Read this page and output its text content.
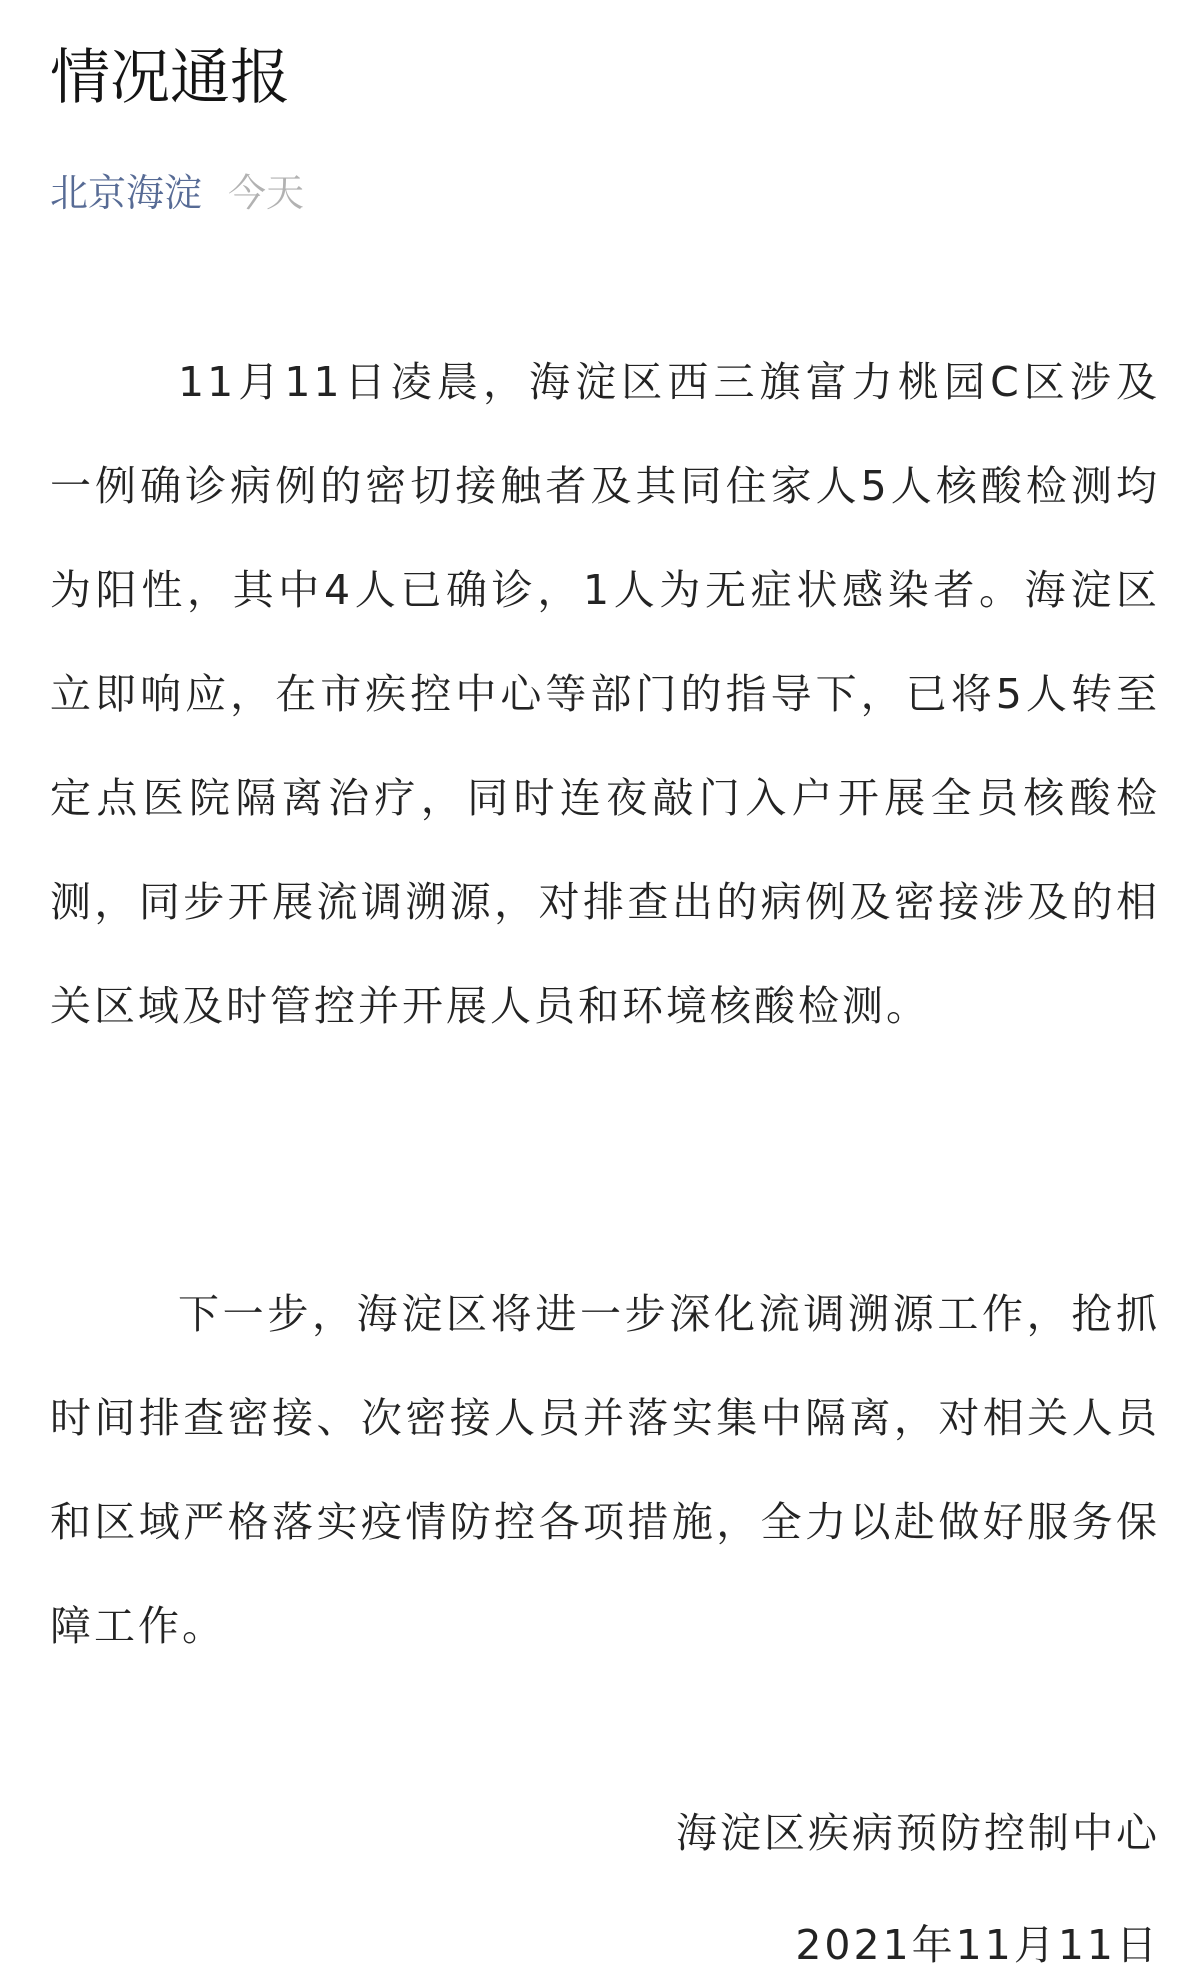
情况通报
北京海淀 今天

11月11日凌晨，海淀区西三旗富力桃园C区涉及一例确诊病例的密切接触者及其同住家人5人核酸检测均为阳性，其中4人已确诊，1人为无症状感染者。海淀区立即响应，在市疾控中心等部门的指导下，已将5人转至定点医院隔离治疗，同时连夜敲门入户开展全员核酸检测，同步开展流调溯源，对排查出的病例及密接涉及的相关区域及时管控并开展人员和环境核酸检测。

下一步，海淀区将进一步深化流调溯源工作，抢抓时间排查密接、次密接人员并落实集中隔离，对相关人员和区域严格落实疫情防控各项措施，全力以赴做好服务保障工作。

海淀区疾病预防控制中心
2021年11月11日
